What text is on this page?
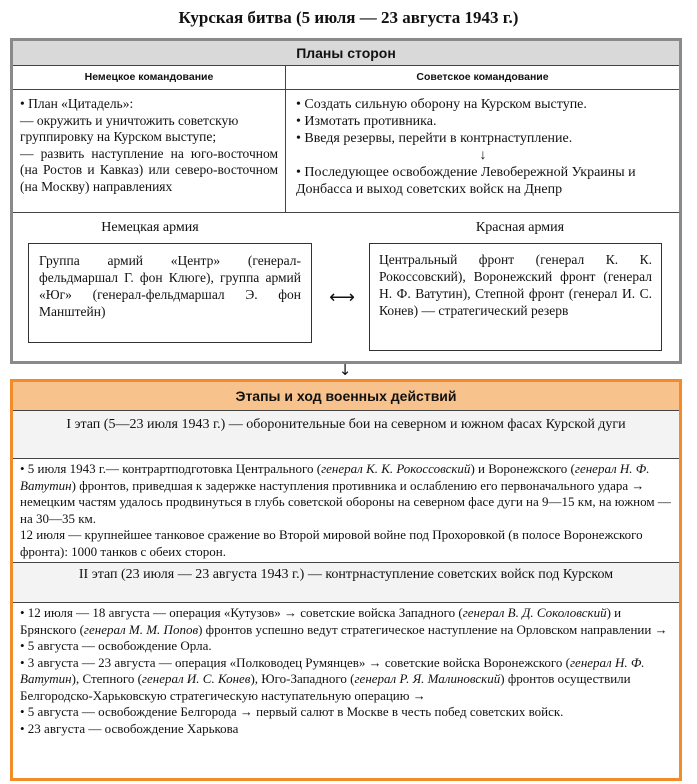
Курская битва (5 июля — 23 августа 1943 г.)
Планы сторон
Немецкое командование	Советское командование

• План «Цитадель»:

— окружить и уничтожить советскую

группировку на Курском выступе;

— развить наступление на юго-восточном (на Ростов и Кавказ) или северо-восточном (на Москву) направлениях

• Создать сильную оборону на Курском выступе.

• Измотать противника.

• Введя резервы, перейти в контрнаступление.

↓

• Последующее освобождение Левобережной Украины и Донбасса и выход советских войск на Днепр

Немецкая армия	Красная армия
Группа армий «Центр» (генерал-фельдмаршал Г. фон Клюге), группа армий «Юг» (генерал-фельдмаршал Э. фон Манштейн)
⟷
Центральный фронт (генерал К. К. Рокоссовский), Воронежский фронт (генерал Н. Ф. Ватутин), Степной фронт (генерал И. С. Конев) — стратегический резерв
↓
Этапы и ход военных действий
I этап (5—23 июля 1943 г.) — оборонительные бои на северном и южном фасах Курской дуги

• 5 июля 1943 г.— контрартподготовка Центрального (генерал К. К. Рокоссовский) и Воронежского (генерал Н. Ф. Ватутин) фронтов, приведшая к задержке наступления противника и ослаблению его первоначального удара → немецким частям удалось продвинуться в глубь советской обороны на северном фасе дуги на 9—15 км, на южном — на 30—35 км.

12 июля — крупнейшее танковое сражение во Второй мировой войне под Прохоровкой (в полосе Воронежского фронта): 1000 танков с обеих сторон.

II этап (23 июля — 23 августа 1943 г.) — контрнаступление советских войск под Курском

• 12 июля — 18 августа — операция «Кутузов» → советские войска Западного (генерал В. Д. Соколовский) и Брянского (генерал М. М. Попов) фронтов успешно ведут стратегическое наступление на Орловском направлении →

• 5 августа — освобождение Орла.

• 3 августа — 23 августа — операция «Полководец Румянцев» → советские войска Воронежского (генерал Н. Ф. Ватутин), Степного (генерал И. С. Конев), Юго-Западного (генерал Р. Я. Малиновский) фронтов осуществили Белгородско-Харьковскую стратегическую наступательную операцию →

• 5 августа — освобождение Белгорода → первый салют в Москве в честь побед советских войск.

• 23 августа — освобождение Харькова
